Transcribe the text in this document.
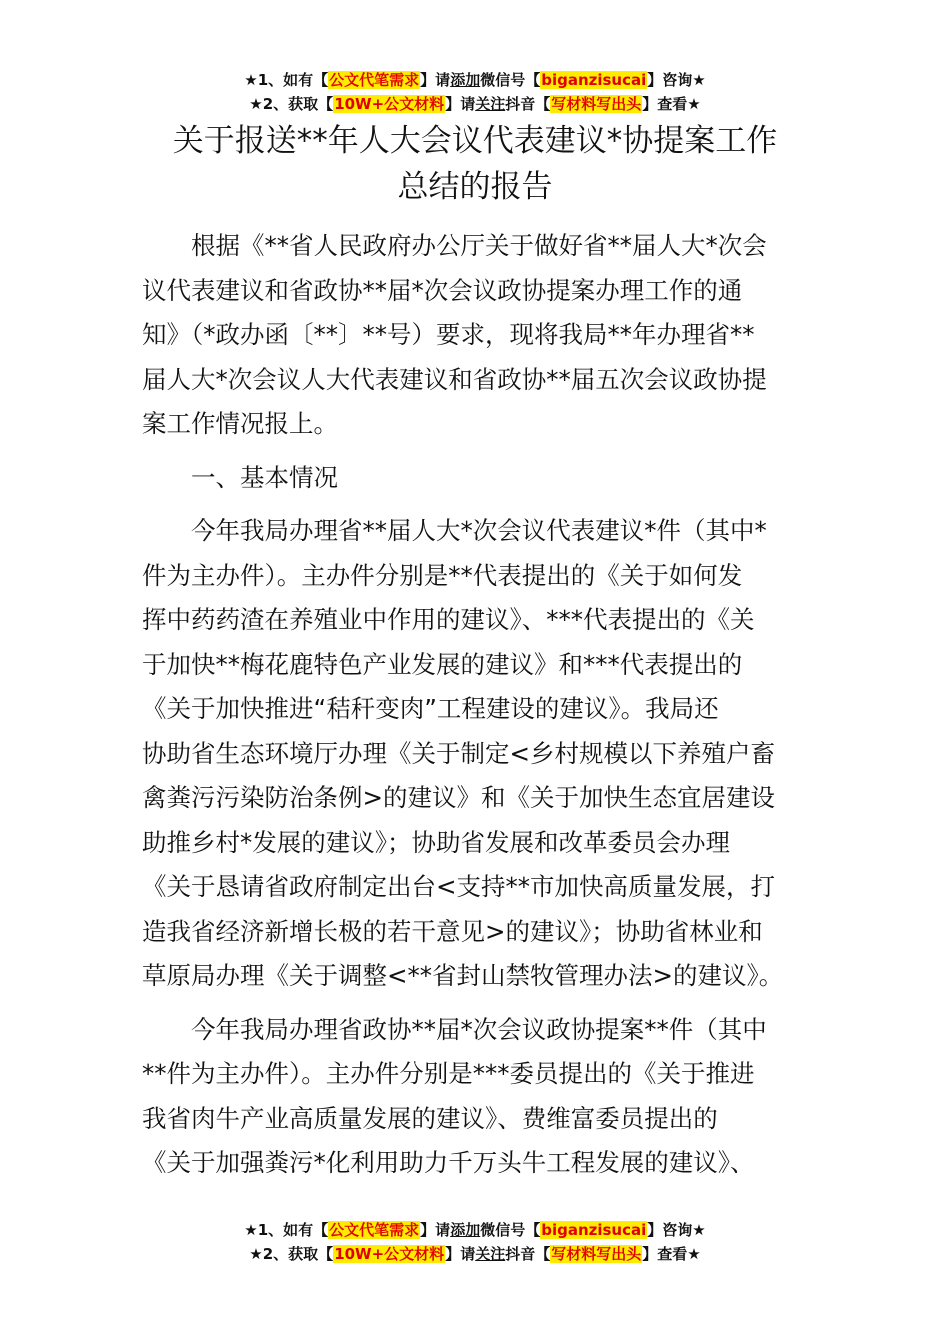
★1、如有【公文代笔需求】请添加微信号【biganzisucai】咨询★
★2、获取【10W+公文材料】请关注抖音【写材料写出头】查看★
关于报送**年人大会议代表建议*协提案工作
总结的报告

　　根据《**省人民政府办公厅关于做好省**届人大*次会
议代表建议和省政协**届*次会议政协提案办理工作的通
知》（*政办函〔**〕**号）要求，现将我局**年办理省**
届人大*次会议人大代表建议和省政协**届五次会议政协提
案工作情况报上。

　　一、基本情况

　　今年我局办理省**届人大*次会议代表建议*件（其中*
件为主办件）。主办件分别是**代表提出的《关于如何发
挥中药药渣在养殖业中作用的建议》、***代表提出的《关
于加快**梅花鹿特色产业发展的建议》和***代表提出的
《关于加快推进“秸秆变肉”工程建设的建议》。我局还
协助省生态环境厅办理《关于制定<乡村规模以下养殖户畜
禽粪污污染防治条例>的建议》和《关于加快生态宜居建设
助推乡村*发展的建议》；协助省发展和改革委员会办理
《关于恳请省政府制定出台<支持**市加快高质量发展，打
造我省经济新增长极的若干意见>的建议》；协助省林业和
草原局办理《关于调整<**省封山禁牧管理办法>的建议》。

　　今年我局办理省政协**届*次会议政协提案**件（其中
**件为主办件）。主办件分别是***委员提出的《关于推进
我省肉牛产业高质量发展的建议》、费维富委员提出的
《关于加强粪污*化利用助力千万头牛工程发展的建议》、

★1、如有【公文代笔需求】请添加微信号【biganzisucai】咨询★
★2、获取【10W+公文材料】请关注抖音【写材料写出头】查看★
